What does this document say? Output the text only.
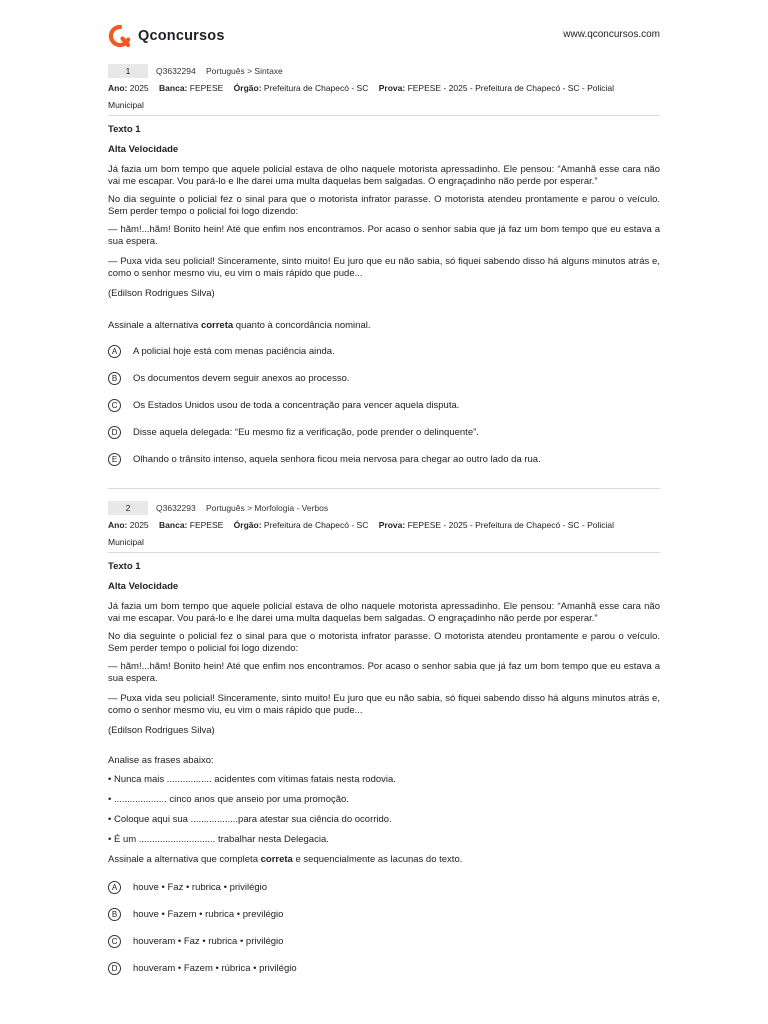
Qconcursos	www.qconcursos.com
1	Q3632294 Português > Sintaxe
Ano: 2025 Banca: FEPESE Órgão: Prefeitura de Chapecó - SC Prova: FEPESE - 2025 - Prefeitura de Chapecó - SC - Policial
Municipal
Texto 1
Alta Velocidade
Já fazia um bom tempo que aquele policial estava de olho naquele motorista apressadinho. Ele pensou: “Amanhã esse cara não vai me escapar. Vou pará-lo e lhe darei uma multa daquelas bem salgadas. O engraçadinho não perde por esperar.”
No dia seguinte o policial fez o sinal para que o motorista infrator parasse. O motorista atendeu prontamente e parou o veículo. Sem perder tempo o policial foi logo dizendo:
— hãm!...hãm! Bonito hein! Até que enfim nos encontramos. Por acaso o senhor sabia que já faz um bom tempo que eu estava a sua espera.
— Puxa vida seu policial! Sinceramente, sinto muito! Eu juro que eu não sabia, só fiquei sabendo disso há alguns minutos atrás e, como o senhor mesmo viu, eu vim o mais rápido que pude...
(Edilson Rodrigues Silva)
Assinale a alternativa correta quanto à concordância nominal.
A	A policial hoje está com menas paciência ainda.
B	Os documentos devem seguir anexos ao processo.
C	Os Estados Unidos usou de toda a concentração para vencer aquela disputa.
D	Disse aquela delegada: “Eu mesmo fiz a verificação, pode prender o delinquente”.
E	Olhando o trânsito intenso, aquela senhora ficou meia nervosa para chegar ao outro lado da rua.
2	Q3632293 Português > Morfologia - Verbos
Ano: 2025 Banca: FEPESE Órgão: Prefeitura de Chapecó - SC Prova: FEPESE - 2025 - Prefeitura de Chapecó - SC - Policial
Municipal
Texto 1
Alta Velocidade
Já fazia um bom tempo que aquele policial estava de olho naquele motorista apressadinho. Ele pensou: “Amanhã esse cara não vai me escapar. Vou pará-lo e lhe darei uma multa daquelas bem salgadas. O engraçadinho não perde por esperar.”
No dia seguinte o policial fez o sinal para que o motorista infrator parasse. O motorista atendeu prontamente e parou o veículo. Sem perder tempo o policial foi logo dizendo:
— hãm!...hãm! Bonito hein! Até que enfim nos encontramos. Por acaso o senhor sabia que já faz um bom tempo que eu estava a sua espera.
— Puxa vida seu policial! Sinceramente, sinto muito! Eu juro que eu não sabia, só fiquei sabendo disso há alguns minutos atrás e, como o senhor mesmo viu, eu vim o mais rápido que pude...
(Edilson Rodrigues Silva)
Analise as frases abaixo:
• Nunca mais ................. acidentes com vítimas fatais nesta rodovia.
• .................... cinco anos que anseio por uma promoção.
• Coloque aqui sua ..................para atestar sua ciência do ocorrido.
• É um ............................. trabalhar nesta Delegacia.
Assinale a alternativa que completa correta e sequencialmente as lacunas do texto.
A	houve • Faz • rubrica • privilégio
B	houve • Fazem • rubrica • previlégio
C	houveram • Faz • rubrica • privilégio
D	houveram • Fazem • rúbrica • privilégio
